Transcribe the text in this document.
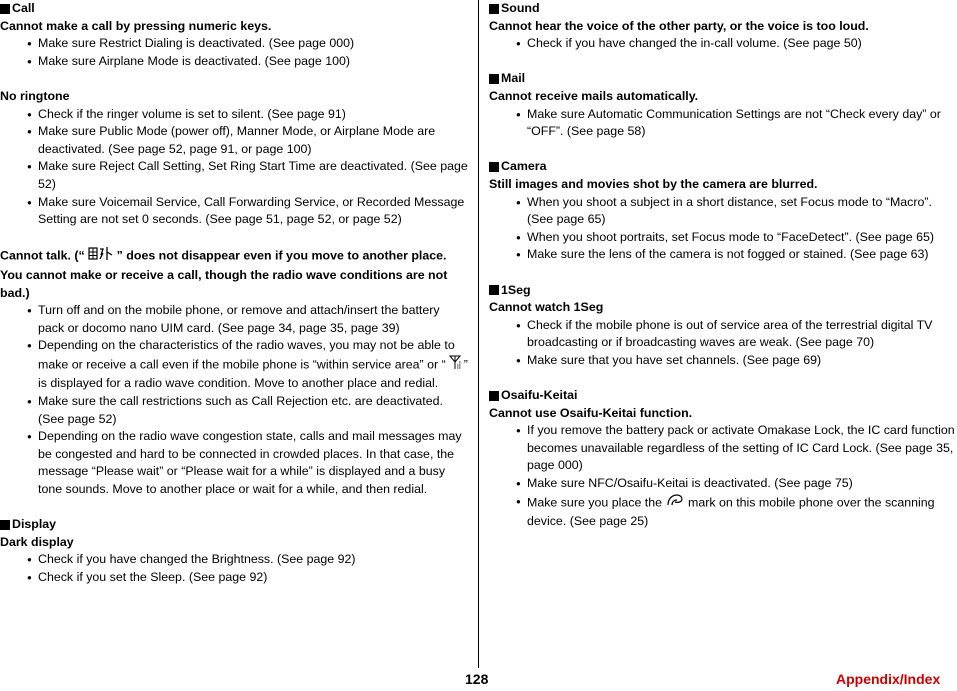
Call
Cannot make a call by pressing numeric keys.
● Make sure Restrict Dialing is deactivated. (See page 000)
● Make sure Airplane Mode is deactivated. (See page 100)
No ringtone
● Check if the ringer volume is set to silent. (See page 91)
● Make sure Public Mode (power off), Manner Mode, or Airplane Mode are deactivated. (See page 52, page 91, or page 100)
● Make sure Reject Call Setting, Set Ring Start Time are deactivated. (See page 52)
● Make sure Voicemail Service, Call Forwarding Service, or Recorded Message Setting are not set 0 seconds. (See page 51, page 52, or page 52)
Cannot talk. (“	” does not disappear even if you move to another place. You cannot make or receive a call, though the radio wave conditions are not bad.)
● Turn off and on the mobile phone, or remove and attach/insert the battery pack or docomo nano UIM card. (See page 34, page 35, page 39)
● Depending on the characteristics of the radio waves, you may not be able to make or receive a call even if the mobile phone is “within service area” or “ ” is displayed for a radio wave condition. Move to another place and redial.
● Make sure the call restrictions such as Call Rejection etc. are deactivated. (See page 52)
● Depending on the radio wave congestion state, calls and mail messages may be congested and hard to be connected in crowded places. In that case, the message “Please wait” or “Please wait for a while” is displayed and a busy tone sounds. Move to another place or wait for a while, and then redial.
Display
Dark display
● Check if you have changed the Brightness. (See page 92)
● Check if you set the Sleep. (See page 92)
Sound
Cannot hear the voice of the other party, or the voice is too loud.
● Check if you have changed the in-call volume. (See page 50)
Mail
Cannot receive mails automatically.
● Make sure Automatic Communication Settings are not “Check every day” or “OFF”. (See page 58)
Camera
Still images and movies shot by the camera are blurred.
● When you shoot a subject in a short distance, set Focus mode to “Macro”. (See page 65)
● When you shoot portraits, set Focus mode to “FaceDetect”. (See page 65)
● Make sure the lens of the camera is not fogged or stained. (See page 63)
1Seg
Cannot watch 1Seg
● Check if the mobile phone is out of service area of the terrestrial digital TV broadcasting or if broadcasting waves are weak. (See page 70)
● Make sure that you have set channels. (See page 69)
Osaifu-Keitai
Cannot use Osaifu-Keitai function.
● If you remove the battery pack or activate Omakase Lock, the IC card function becomes unavailable regardless of the setting of IC Card Lock. (See page 35, page 000)
● Make sure NFC/Osaifu-Keitai is deactivated. (See page 75)
● Make sure you place the mark on this mobile phone over the scanning device. (See page 25)
128	Appendix/Index
